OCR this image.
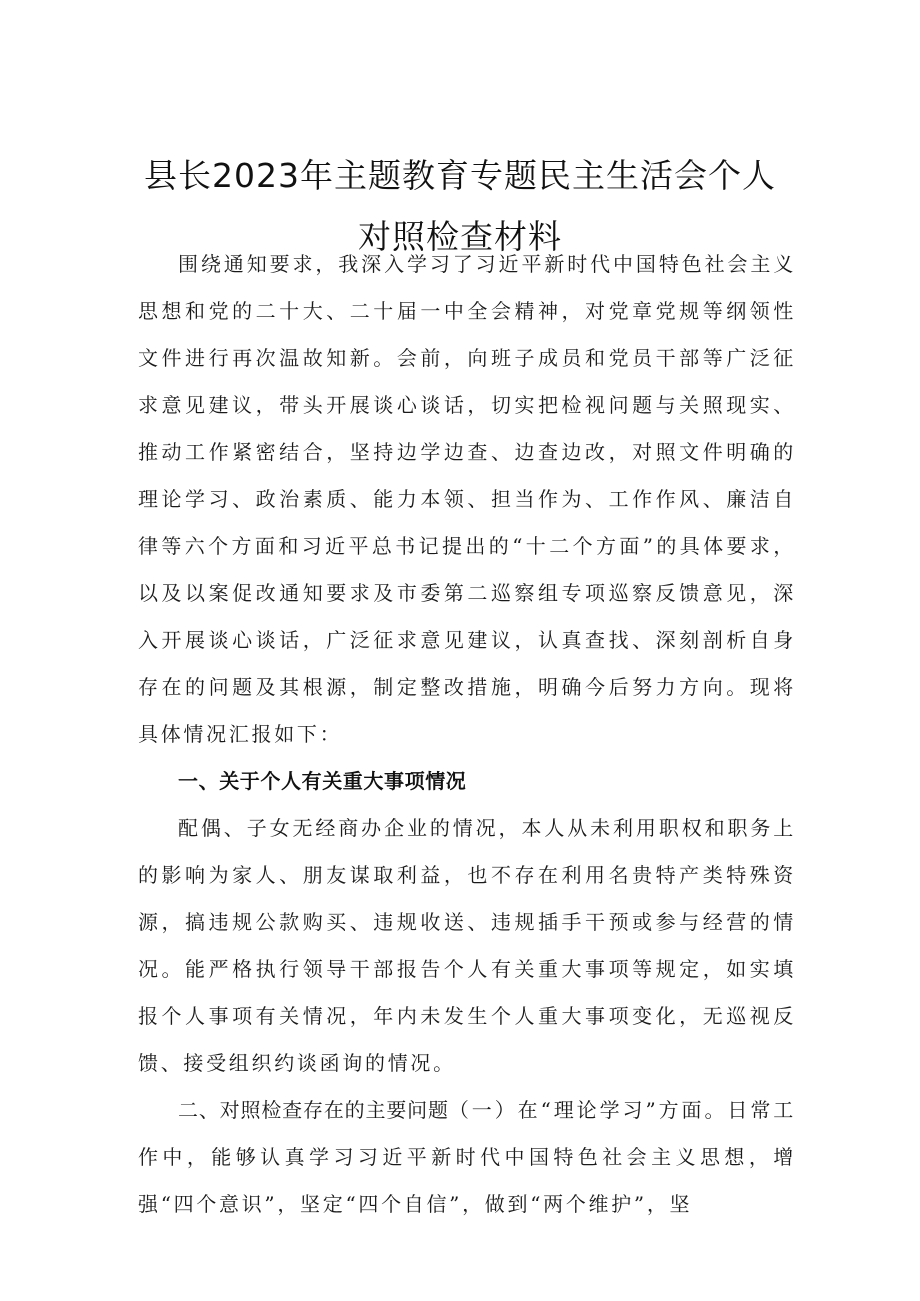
县长2023年主题教育专题民主生活会个人
对照检查材料

围绕通知要求，我深入学习了习近平新时代中国特色社会主义思想和党的二十大、二十届一中全会精神，对党章党规等纲领性文件进行再次温故知新。会前，向班子成员和党员干部等广泛征求意见建议，带头开展谈心谈话，切实把检视问题与关照现实、推动工作紧密结合，坚持边学边查、边查边改，对照文件明确的理论学习、政治素质、能力本领、担当作为、工作作风、廉洁自律等六个方面和习近平总书记提出的“十二个方面”的具体要求，以及以案促改通知要求及市委第二巡察组专项巡察反馈意见，深入开展谈心谈话，广泛征求意见建议，认真查找、深刻剖析自身存在的问题及其根源，制定整改措施，明确今后努力方向。现将具体情况汇报如下：

一、关于个人有关重大事项情况

配偶、子女无经商办企业的情况，本人从未利用职权和职务上的影响为家人、朋友谋取利益，也不存在利用名贵特产类特殊资源，搞违规公款购买、违规收送、违规插手干预或参与经营的情况。能严格执行领导干部报告个人有关重大事项等规定，如实填报个人事项有关情况，年内未发生个人重大事项变化，无巡视反馈、接受组织约谈函询的情况。

二、对照检查存在的主要问题（一）在“理论学习”方面。日常工作中，能够认真学习习近平新时代中国特色社会主义思想，增强“四个意识”，坚定“四个自信”，做到“两个维护”，坚
